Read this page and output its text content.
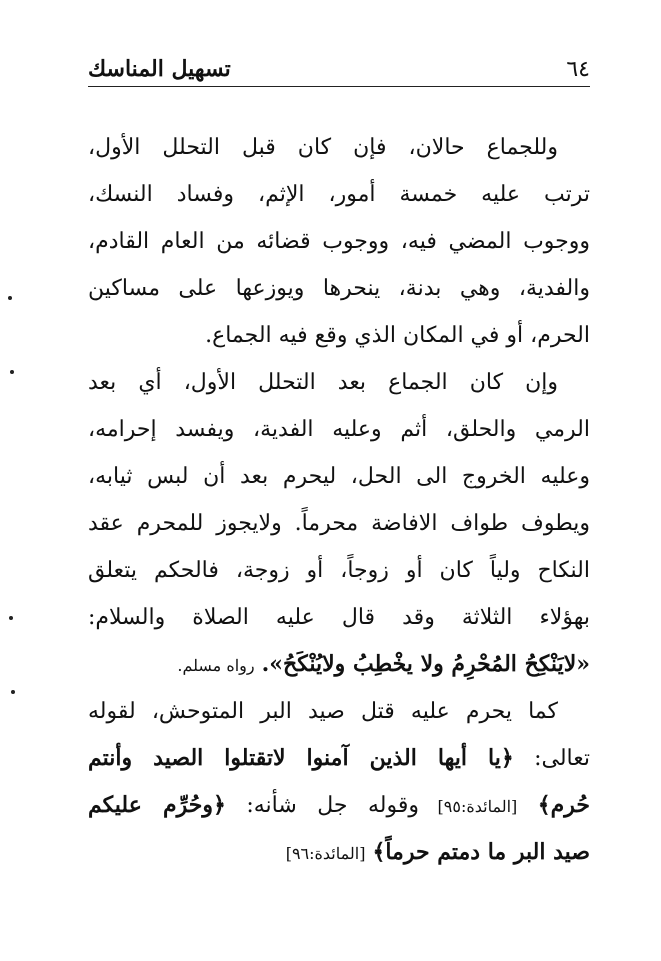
تسهيل المناسك	٦٤
وللجماع حالان، فإن كان قبل التحلل الأول،
ترتب عليه خمسة أمور، الإثم، وفساد النسك،
ووجوب المضي فيه، ووجوب قضائه من العام القادم،
والفدية، وهي بدنة، ينحرها ويوزعها على مساكين
الحرم، أو في المكان الذي وقع فيه الجماع.
وإن كان الجماع بعد التحلل الأول، أي بعد
الرمي والحلق، أثم وعليه الفدية، ويفسد إحرامه،
وعليه الخروج الى الحل، ليحرم بعد أن لبس ثيابه،
ويطوف طواف الافاضة محرماً. ولايجوز للمحرم عقد
النكاح ولياً كان أو زوجاً، أو زوجة، فالحكم يتعلق
بهؤلاء الثلاثة وقد قال عليه الصلاة والسلام:
«لايَنْكِحُ المُحْرِمُ ولا يخْطِبُ ولايُنْكَحُ». رواه مسلم.
كما يحرم عليه قتل صيد البر المتوحش، لقوله
تعالى: ﴿يا أيها الذين آمنوا لاتقتلوا الصيد وأنتم
حُرم﴾ [المائدة:٩٥] وقوله جل شأنه: ﴿وحُرِّم عليكم
صيد البر ما دمتم حرماً﴾ [المائدة:٩٦]
